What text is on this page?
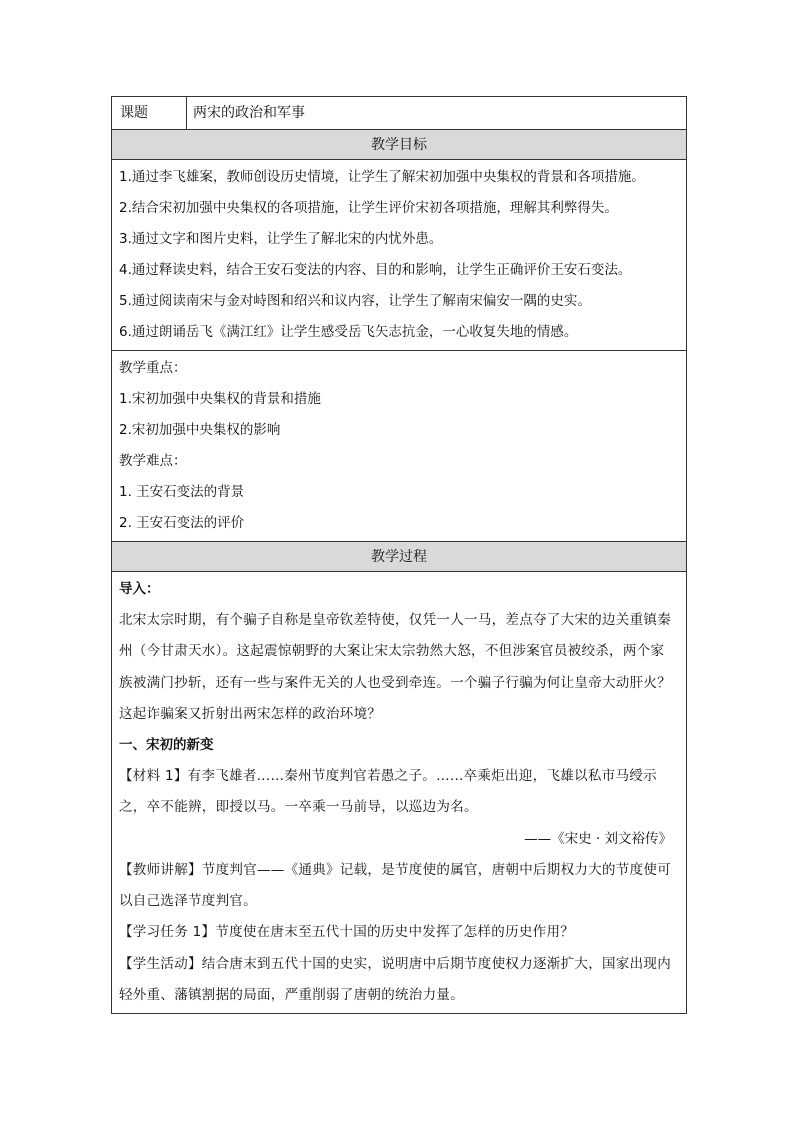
课题	两宋的政治和军事
教学目标
1.通过李飞雄案，教师创设历史情境，让学生了解宋初加强中央集权的背景和各项措施。
2.结合宋初加强中央集权的各项措施，让学生评价宋初各项措施，理解其利弊得失。
3.通过文字和图片史料，让学生了解北宋的内忧外患。
4.通过释读史料，结合王安石变法的内容、目的和影响，让学生正确评价王安石变法。
5.通过阅读南宋与金对峙图和绍兴和议内容，让学生了解南宋偏安一隅的史实。
6.通过朗诵岳飞《满江红》让学生感受岳飞矢志抗金，一心收复失地的情感。
教学重点：
1.宋初加强中央集权的背景和措施
2.宋初加强中央集权的影响
教学难点：
1. 王安石变法的背景
2. 王安石变法的评价
教学过程
导入：
北宋太宗时期，有个骗子自称是皇帝钦差特使，仅凭一人一马，差点夺了大宋的边关重镇秦州（今甘肃天水）。这起震惊朝野的大案让宋太宗勃然大怒，不但涉案官员被绞杀，两个家族被满门抄斩，还有一些与案件无关的人也受到牵连。一个骗子行骗为何让皇帝大动肝火？这起诈骗案又折射出两宋怎样的政治环境？
一、宋初的新变
【材料 1】有李飞雄者……秦州节度判官若愚之子。……卒乘炬出迎，飞雄以私市马绶示之，卒不能辨，即授以马。一卒乘一马前导，以巡边为名。
——《宋史 · 刘文裕传》
【教师讲解】节度判官——《通典》记载，是节度使的属官，唐朝中后期权力大的节度使可以自己选泽节度判官。
【学习任务 1】节度使在唐末至五代十国的历史中发挥了怎样的历史作用？
【学生活动】结合唐末到五代十国的史实，说明唐中后期节度使权力逐渐扩大，国家出现内轻外重、藩镇割据的局面，严重削弱了唐朝的统治力量。
